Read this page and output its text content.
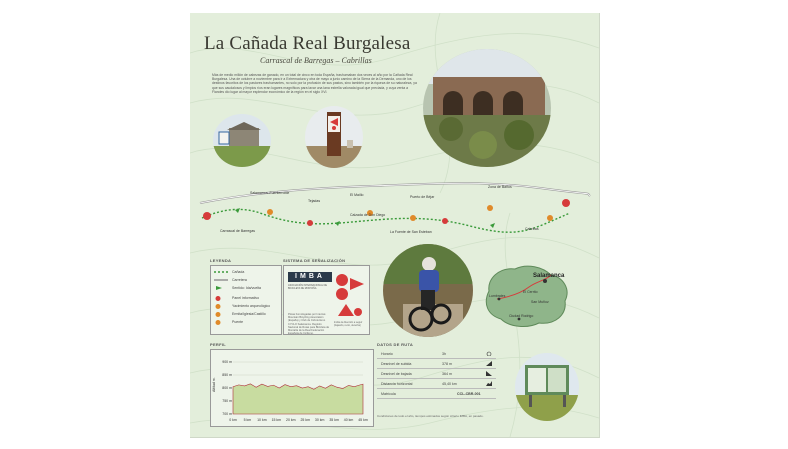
La Cañada Real Burgalesa
Carrascal de Barregas – Cabrillas
Más de medio millón de cabezas de ganado, en un total de cinco en toda España, trashumaban dos veces al año por la Cañada Real Burgalesa. Una de octubre a noviembre para ir a Extremadura y otra de mayo a junio camino de la Sierra de la Demanda, uno de los destinos favoritos de los pastores trashumantes, no solo por la profusión de sus pastos, sino también por la riqueza de su naturaleza, ya que sus caudalosos y limpios ríos eran lugares magníficos para lavar una lana estrella valorada igual que preciada, y cuya venta a Flandes dio lugar al mayor esplendor económico de la región en el siglo XVI.
Salamanca–Fuenterroble
Tejadas
El Maíllo	Puerto de Béjar
Zona de Baños
Calzada de Don Diego
La Fuente de San Esteban
Cabrillas
Carrascal de Barregas
LEYENDA
Cañada
Carretera
Sentido: Ida/vuelta
Panel informativo
Yacimiento arqueológico
Ermita/Iglesia/Castillo
Puente
SISTEMA DE SEÑALIZACIÓN
IMBA
ASOCIACIÓN INTERNACIONAL DE BICICLETA DE MONTAÑA
Pistas homologadas por Internat. Mountain Bicycling Association (España) y Club de Cicloturismo CYCLO Salamanca. Registro Nacional de Rutas para Bicicleta de Montaña de la Real Federación Española de Ciclismo.
Indica la dirección a seguir (bajando, recto, derecha)
Salamanca
Lumbrales
El Cerrito
San Muñoz
Ciudad Rodrigo
PERFIL
Altitud m.
900 m
850 m
800 m
750 m
700 m
0 km 5 km 10 km 15 km 20 km 25 km 30 km 35 km 40 km 45 km
DATOS DE RUTA
Horario	3h
Desnivel de subida	378 m
Desnivel de bajada	364 m
Distancia horizontal	45,40 km
Matrícula	CCL-CBR-001
Condiciones de todo el año, tiempos estimados según criterio IMBA, en pasado.
